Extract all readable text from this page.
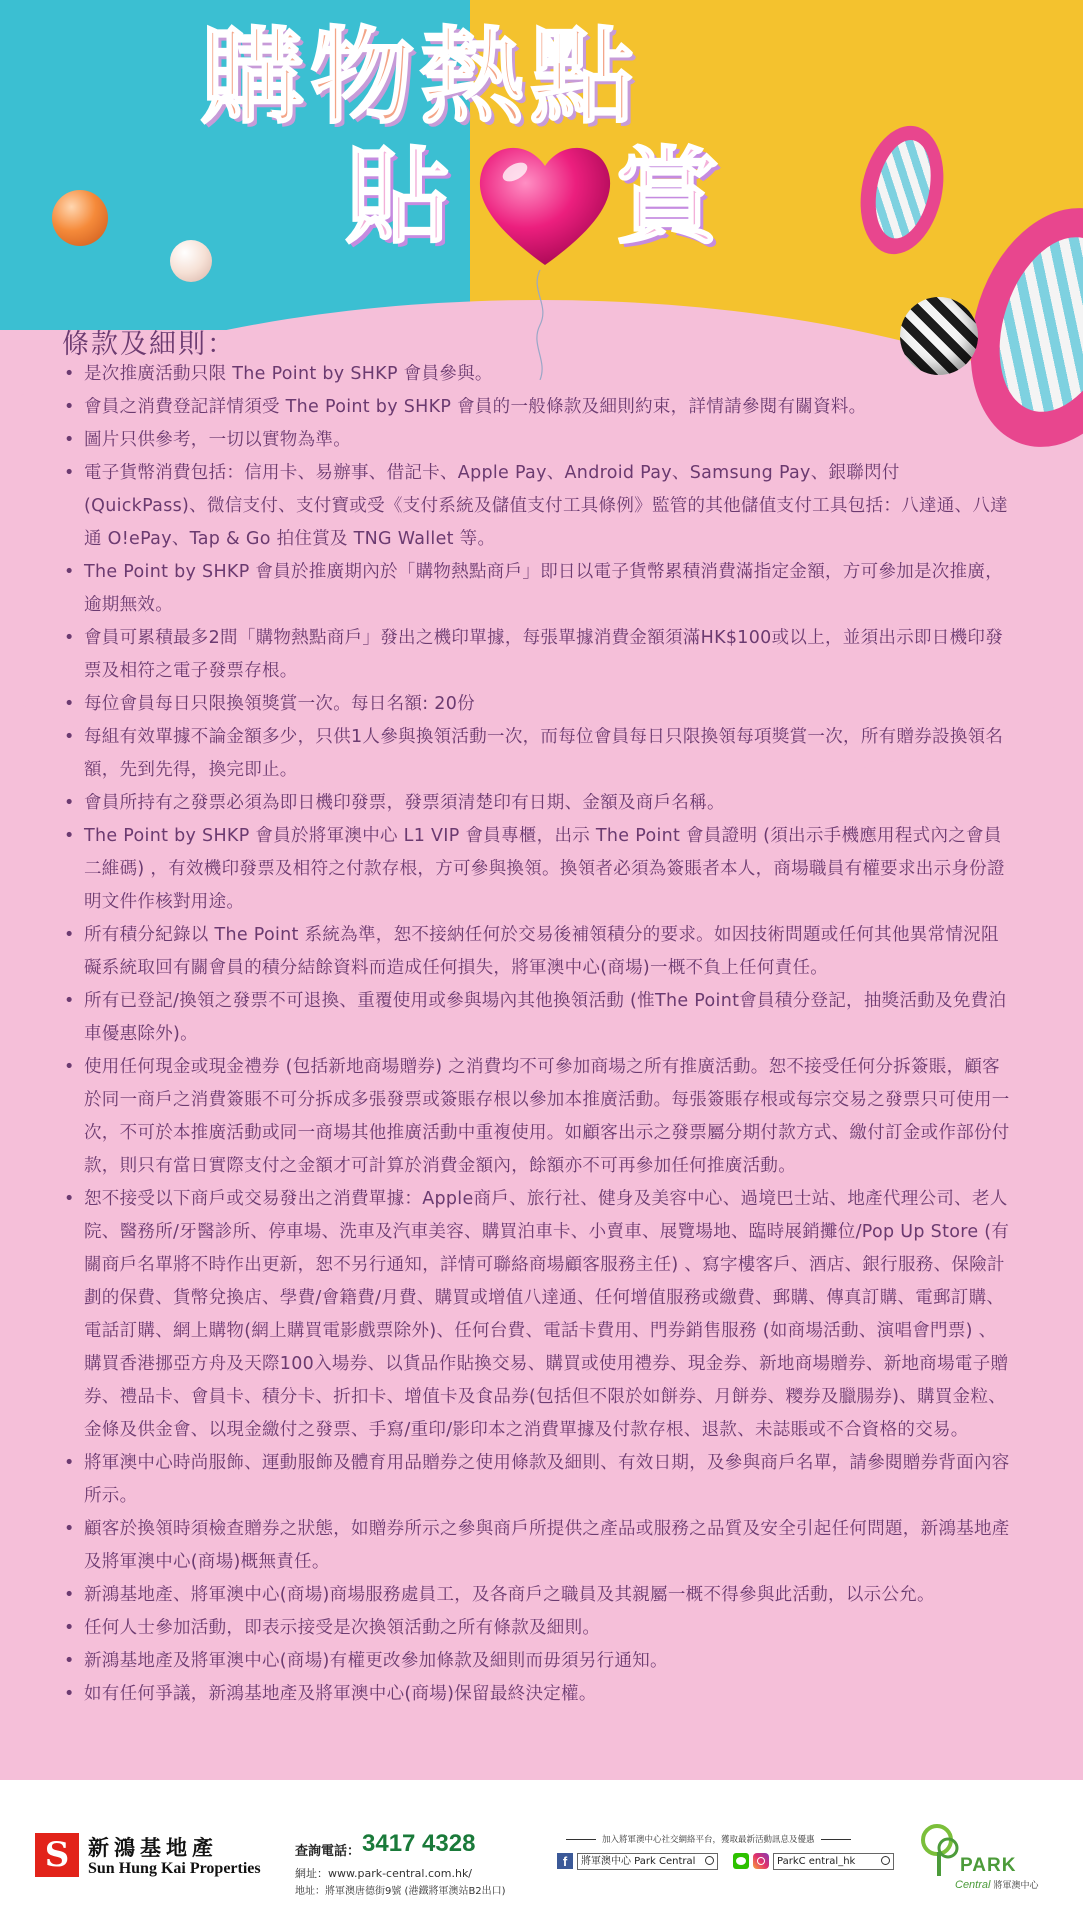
購物熱點
貼 賞
條款及細則：
• 是次推廣活動只限 The Point by SHKP 會員參與。
• 會員之消費登記詳情須受 The Point by SHKP 會員的一般條款及細則約束，詳情請參閱有關資料。
• 圖片只供參考，一切以實物為準。
• 電子貨幣消費包括：信用卡、易辦事、借記卡、Apple Pay、Android Pay、Samsung Pay、銀聯閃付(QuickPass)、微信支付、支付寶或受《支付系統及儲值支付工具條例》監管的其他儲值支付工具包括：八達通、八達通 O!ePay、Tap & Go 拍住賞及 TNG Wallet 等。
• The Point by SHKP 會員於推廣期內於「購物熱點商戶」即日以電子貨幣累積消費滿指定金額，方可參加是次推廣，逾期無效。
• 會員可累積最多2間「購物熱點商戶」發出之機印單據，每張單據消費金額須滿HK$100或以上，並須出示即日機印發票及相符之電子發票存根。
• 每位會員每日只限換領獎賞一次。每日名額: 20份
• 每組有效單據不論金額多少，只供1人參與換領活動一次，而每位會員每日只限換領每項獎賞一次，所有贈券設換領名額，先到先得，換完即止。
• 會員所持有之發票必須為即日機印發票，發票須清楚印有日期、金額及商戶名稱。
• The Point by SHKP 會員於將軍澳中心 L1 VIP 會員專櫃，出示 The Point 會員證明 (須出示手機應用程式內之會員二維碼) ，有效機印發票及相符之付款存根，方可參與換領。換領者必須為簽賬者本人，商場職員有權要求出示身份證明文件作核對用途。
• 所有積分紀錄以 The Point 系統為準，恕不接納任何於交易後補領積分的要求。如因技術問題或任何其他異常情況阻礙系統取回有關會員的積分結餘資料而造成任何損失，將軍澳中心(商場)一概不負上任何責任。
• 所有已登記/換領之發票不可退換、重覆使用或參與場內其他換領活動 (惟The Point會員積分登記，抽獎活動及免費泊車優惠除外)。
• 使用任何現金或現金禮券 (包括新地商場贈券) 之消費均不可參加商場之所有推廣活動。恕不接受任何分拆簽賬，顧客於同一商戶之消費簽賬不可分拆成多張發票或簽賬存根以參加本推廣活動。每張簽賬存根或每宗交易之發票只可使用一次，不可於本推廣活動或同一商場其他推廣活動中重複使用。如顧客出示之發票屬分期付款方式、繳付訂金或作部份付款，則只有當日實際支付之金額才可計算於消費金額內，餘額亦不可再參加任何推廣活動。
• 恕不接受以下商戶或交易發出之消費單據：Apple商戶、旅行社、健身及美容中心、過境巴士站、地產代理公司、老人院、醫務所/牙醫診所、停車場、洗車及汽車美容、購買泊車卡、小賣車、展覽場地、臨時展銷攤位/Pop Up Store (有關商戶名單將不時作出更新，恕不另行通知，詳情可聯絡商場顧客服務主任) 、寫字樓客戶、酒店、銀行服務、保險計劃的保費、貨幣兌換店、學費/會籍費/月費、購買或增值八達通、任何增值服務或繳費、郵購、傳真訂購、電郵訂購、電話訂購、網上購物(網上購買電影戲票除外)、任何台費、電話卡費用、門券銷售服務 (如商場活動、演唱會門票) 、購買香港挪亞方舟及天際100入場券、以貨品作貼換交易、購買或使用禮券、現金券、新地商場贈券、新地商場電子贈券、禮品卡、會員卡、積分卡、折扣卡、增值卡及食品券(包括但不限於如餅券、月餅券、糭券及臘腸券)、購買金粒、金條及供金會、以現金繳付之發票、手寫/重印/影印本之消費單據及付款存根、退款、未誌賬或不合資格的交易。
• 將軍澳中心時尚服飾、運動服飾及體育用品贈券之使用條款及細則、有效日期，及參與商戶名單，請參閱贈券背面內容所示。
• 顧客於換領時須檢查贈券之狀態，如贈券所示之參與商戶所提供之產品或服務之品質及安全引起任何問題，新鴻基地產及將軍澳中心(商場)概無責任。
• 新鴻基地產、將軍澳中心(商場)商場服務處員工，及各商戶之職員及其親屬一概不得參與此活動，以示公允。
• 任何人士參加活動，即表示接受是次換領活動之所有條款及細則。
• 新鴻基地產及將軍澳中心(商場)有權更改參加條款及細則而毋須另行通知。
• 如有任何爭議，新鴻基地產及將軍澳中心(商場)保留最終決定權。
S
新鴻基地產
Sun Hung Kai Properties
查詢電話： 3417 4328
網址：www.park-central.com.hk/
地址：將軍澳唐德街9號 (港鐵將軍澳站B2出口)
加入將軍澳中心社交網絡平台，獲取最新活動訊息及優惠
f	將軍澳中心 Park Central	ParkC entral_hk	PARK
Central 將軍澳中心
